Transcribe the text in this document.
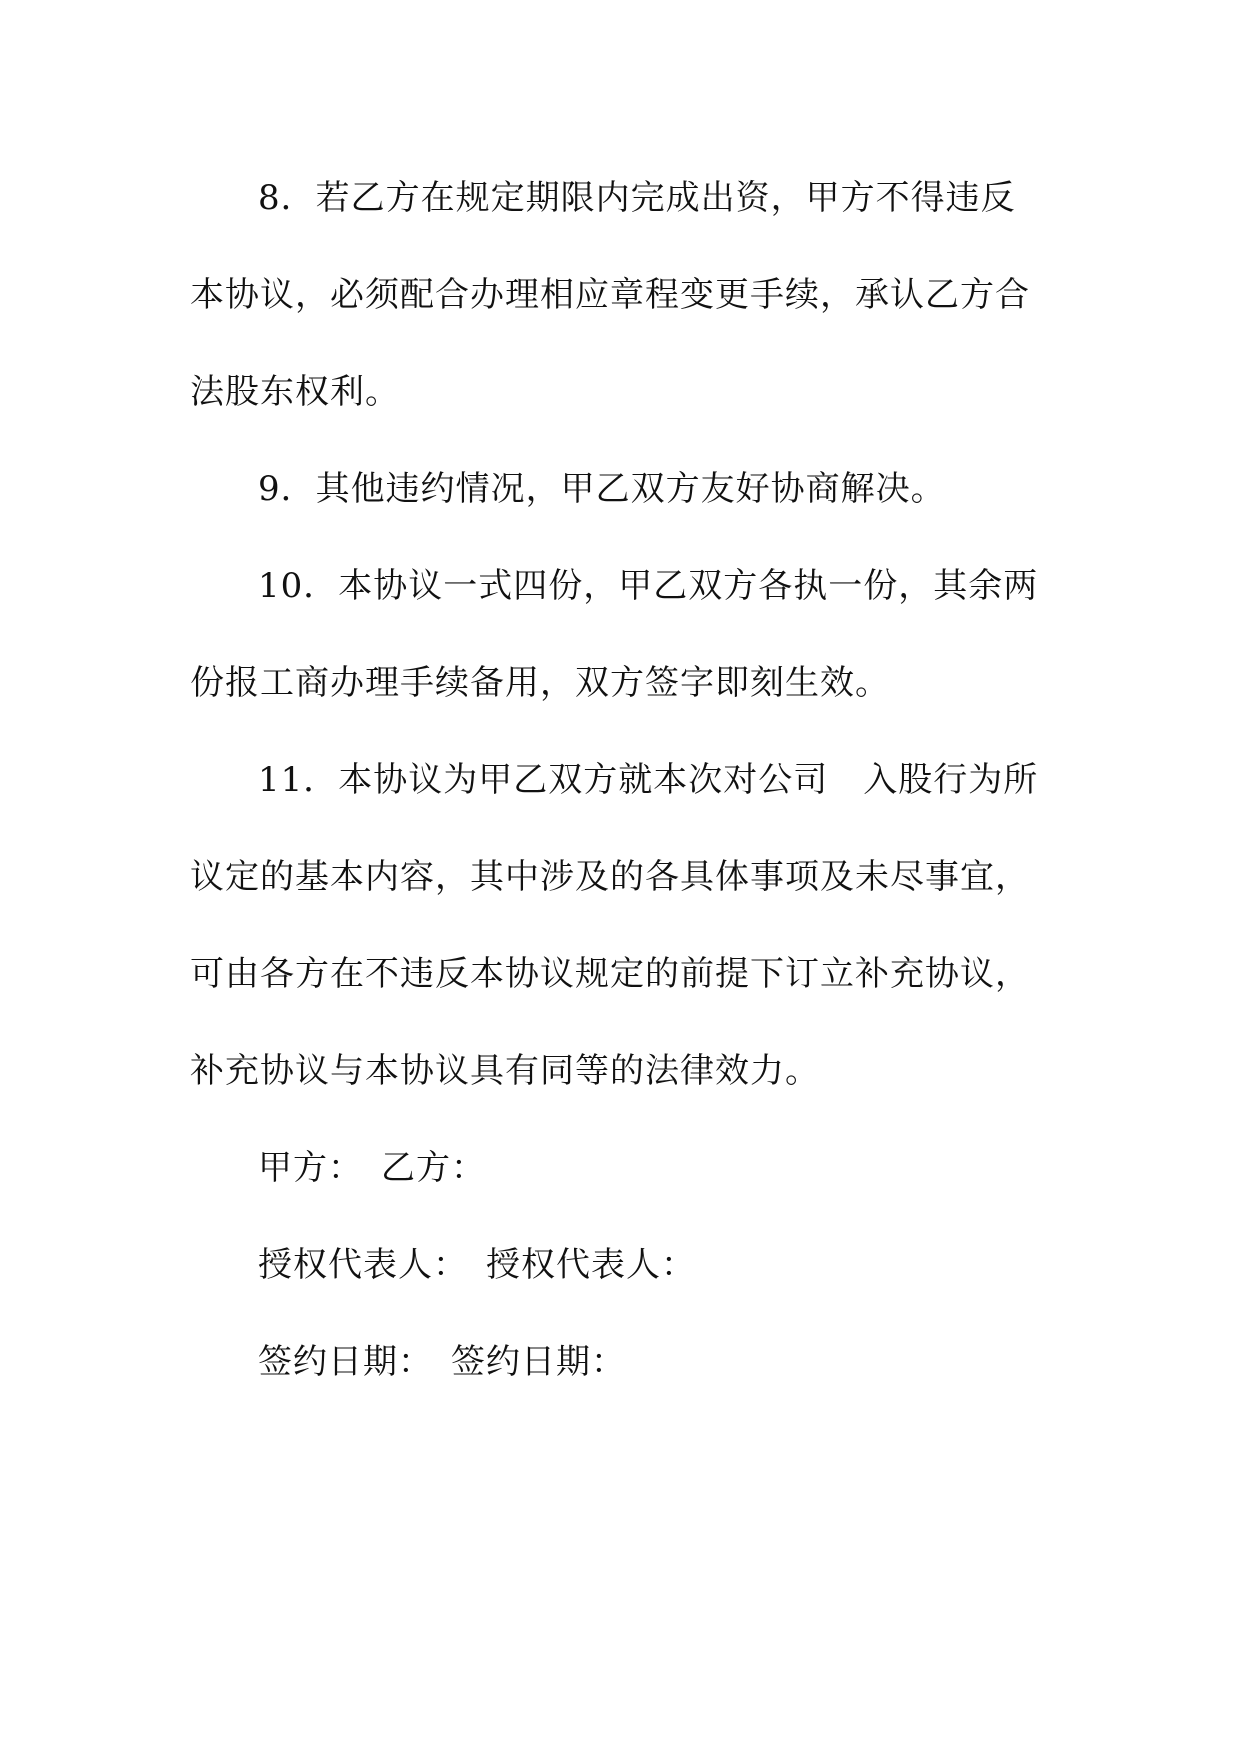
8．若乙方在规定期限内完成出资，甲方不得违反本协议，必须配合办理相应章程变更手续，承认乙方合法股东权利。

9．其他违约情况，甲乙双方友好协商解决。

10．本协议一式四份，甲乙双方各执一份，其余两份报工商办理手续备用，双方签字即刻生效。

11．本协议为甲乙双方就本次对公司　入股行为所议定的基本内容，其中涉及的各具体事项及未尽事宜，可由各方在不违反本协议规定的前提下订立补充协议，补充协议与本协议具有同等的法律效力。

甲方：　乙方：

授权代表人：　授权代表人：

签约日期：　签约日期：
